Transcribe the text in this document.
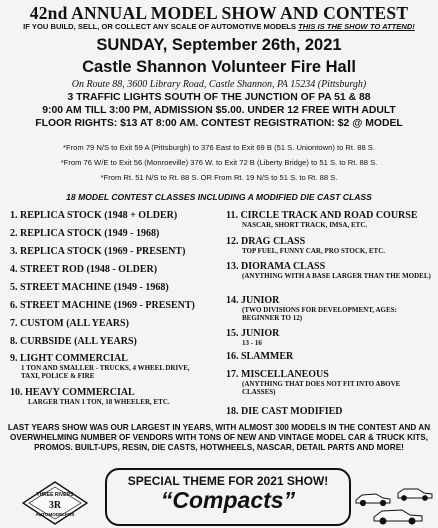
42nd ANNUAL MODEL SHOW AND CONTEST
IF YOU BUILD, SELL, OR COLLECT ANY SCALE OF AUTOMOTIVE MODELS THIS IS THE SHOW TO ATTEND!
SUNDAY, September 26th, 2021
Castle Shannon Volunteer Fire Hall
On Route 88, 3600 Library Road, Castle Shannon, PA 15234 (Pittsburgh)
3 TRAFFIC LIGHTS SOUTH OF THE JUNCTION OF PA 51 & 88
9:00 AM TILL 3:00 PM, ADMISSION $5.00. UNDER 12 FREE WITH ADULT
FLOOR RIGHTS: $13 AT 8:00 AM. CONTEST REGISTRATION: $2 @ MODEL
*From 79 N/S to Exit 59 A (Pittsburgh) to 376 East to Exit 69 B (51 S. Uniontown) to Rt. 88 S.
*From 76 W/E to Exit 56 (Monroeville) 376 W. to Exit 72 B (Liberty Bridge) to 51 S. to Rt. 88 S.
*From Rt. 51 N/S to Rt. 88 S. OR From Rt. 19 N/S to 51 S. to Rt. 88 S.
18 MODEL CONTEST CLASSES INCLUDING A MODIFIED DIE CAST CLASS
1. REPLICA STOCK (1948 + OLDER)
2. REPLICA STOCK (1949 - 1968)
3. REPLICA STOCK (1969 - PRESENT)
4. STREET ROD (1948 - OLDER)
5. STREET MACHINE (1949 - 1968)
6. STREET MACHINE (1969 - PRESENT)
7. CUSTOM (ALL YEARS)
8. CURBSIDE (ALL YEARS)
9. LIGHT COMMERCIAL
1 TON AND SMALLER - TRUCKS, 4 WHEEL DRIVE, TAXI, POLICE & FIRE
10. HEAVY COMMERCIAL
LARGER THAN 1 TON, 18 WHEELER, ETC.
11. CIRCLE TRACK AND ROAD COURSE
NASCAR, SHORT TRACK, IMSA, ETC.
12. DRAG CLASS
TOP FUEL, FUNNY CAR, PRO STOCK, ETC.
13. DIORAMA CLASS
(ANYTHING WITH A BASE LARGER THAN THE MODEL)
14. JUNIOR
(TWO DIVISIONS FOR DEVELOPMENT, AGES: BEGINNER TO 12)
15. JUNIOR
13 - 16
16. SLAMMER
17. MISCELLANEOUS
(ANYTHING THAT DOES NOT FIT INTO ABOVE CLASSES)
18. DIE CAST MODIFIED
LAST YEARS SHOW WAS OUR LARGEST IN YEARS, WITH ALMOST 300 MODELS IN THE CONTEST AND AN
OVERWHELMING NUMBER OF VENDORS WITH TONS OF NEW AND VINTAGE MODEL CAR & TRUCK KITS,
PROMOS. BUILT-UPS, RESIN, DIE CASTS, HOTWHEELS, NASCAR, DETAIL PARTS AND MORE!
THREE RIVERS
3R
AUTOMODELERS
SPECIAL THEME FOR 2021 SHOW!
“Compacts”
